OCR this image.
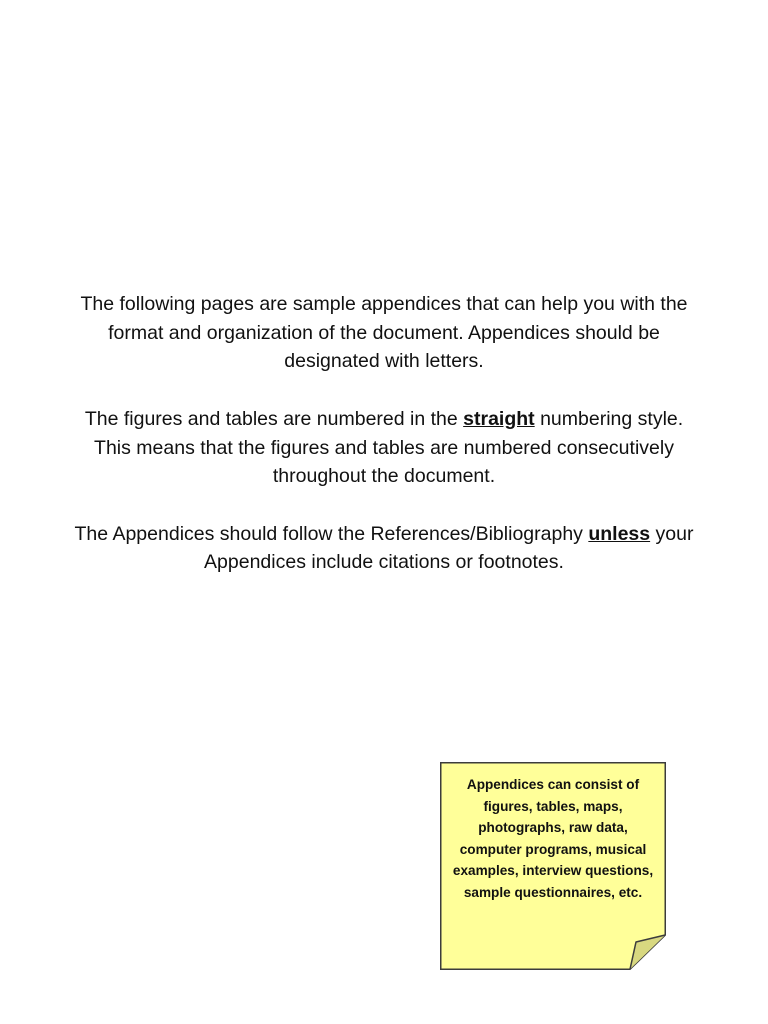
The following pages are sample appendices that can help you with the format and organization of the document. Appendices should be designated with letters.

The figures and tables are numbered in the straight numbering style. This means that the figures and tables are numbered consecutively throughout the document.

The Appendices should follow the References/Bibliography unless your Appendices include citations or footnotes.

Appendices can consist of figures, tables, maps, photographs, raw data, computer programs, musical examples, interview questions, sample questionnaires, etc.
